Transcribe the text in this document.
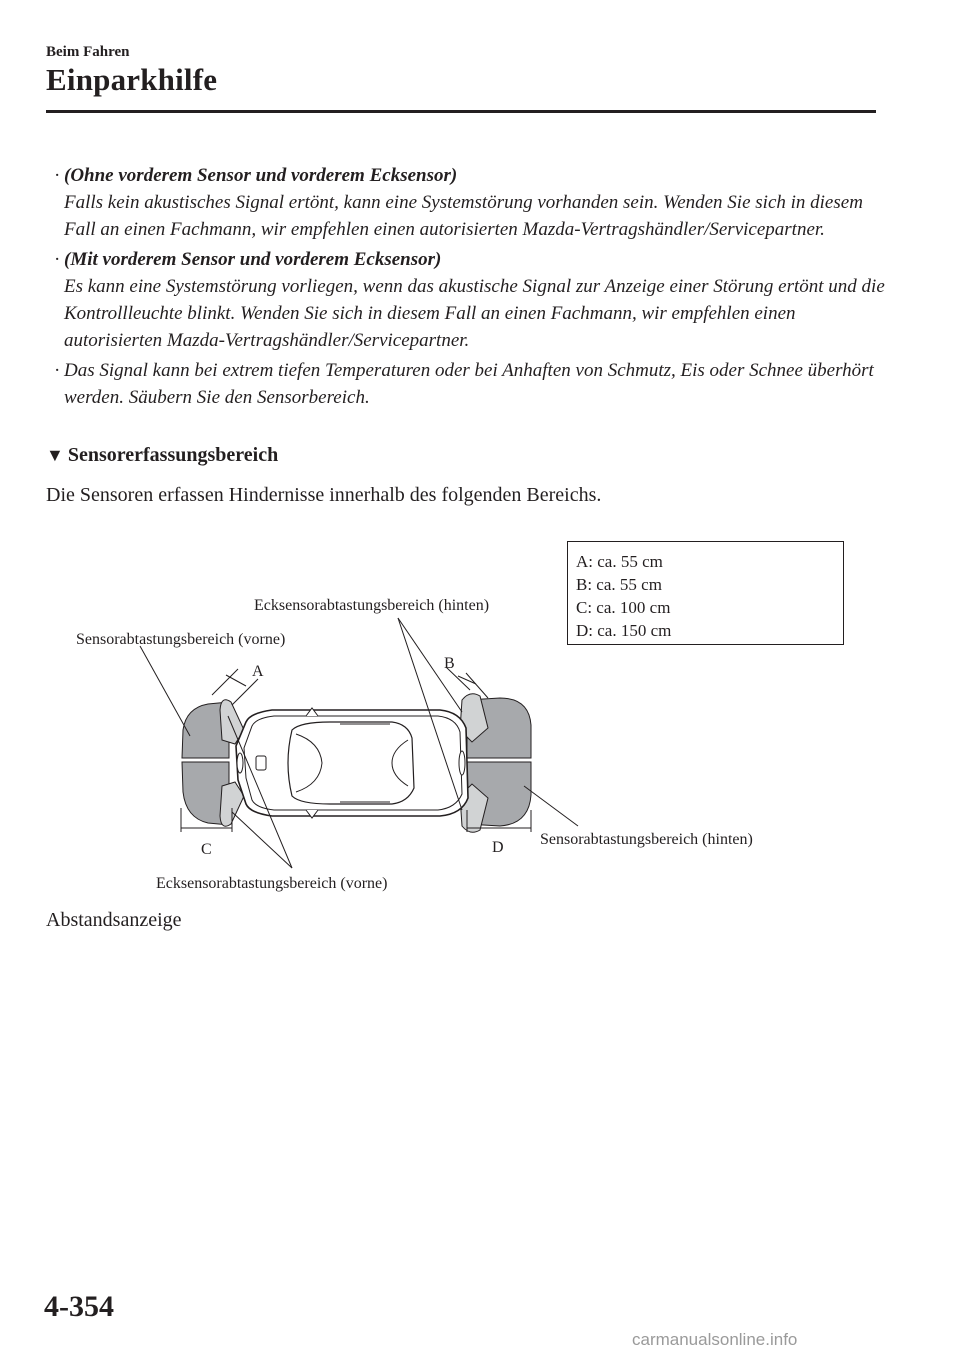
Beim Fahren
Einparkhilfe
· (Ohne vorderem Sensor und vorderem Ecksensor)
Falls kein akustisches Signal ertönt, kann eine Systemstörung vorhanden sein. Wenden Sie sich in diesem Fall an einen Fachmann, wir empfehlen einen autorisierten Mazda-Vertragshändler/Servicepartner.
· (Mit vorderem Sensor und vorderem Ecksensor)
Es kann eine Systemstörung vorliegen, wenn das akustische Signal zur Anzeige einer Störung ertönt und die Kontrollleuchte blinkt. Wenden Sie sich in diesem Fall an einen Fachmann, wir empfehlen einen autorisierten Mazda-Vertragshändler/Servicepartner.
· Das Signal kann bei extrem tiefen Temperaturen oder bei Anhaften von Schmutz, Eis oder Schnee überhört werden. Säubern Sie den Sensorbereich.
▼ Sensorerfassungsbereich
Die Sensoren erfassen Hindernisse innerhalb des folgenden Bereichs.
Sensorabtastungsbereich (vorne)
Ecksensorabtastungsbereich (hinten)
Ecksensorabtastungsbereich (vorne)
Sensorabtastungsbereich (hinten)
A	B
C	D
A: ca. 55 cm
B: ca. 55 cm
C: ca. 100 cm
D: ca. 150 cm
Abstandsanzeige
4-354
carmanualsonline.info
